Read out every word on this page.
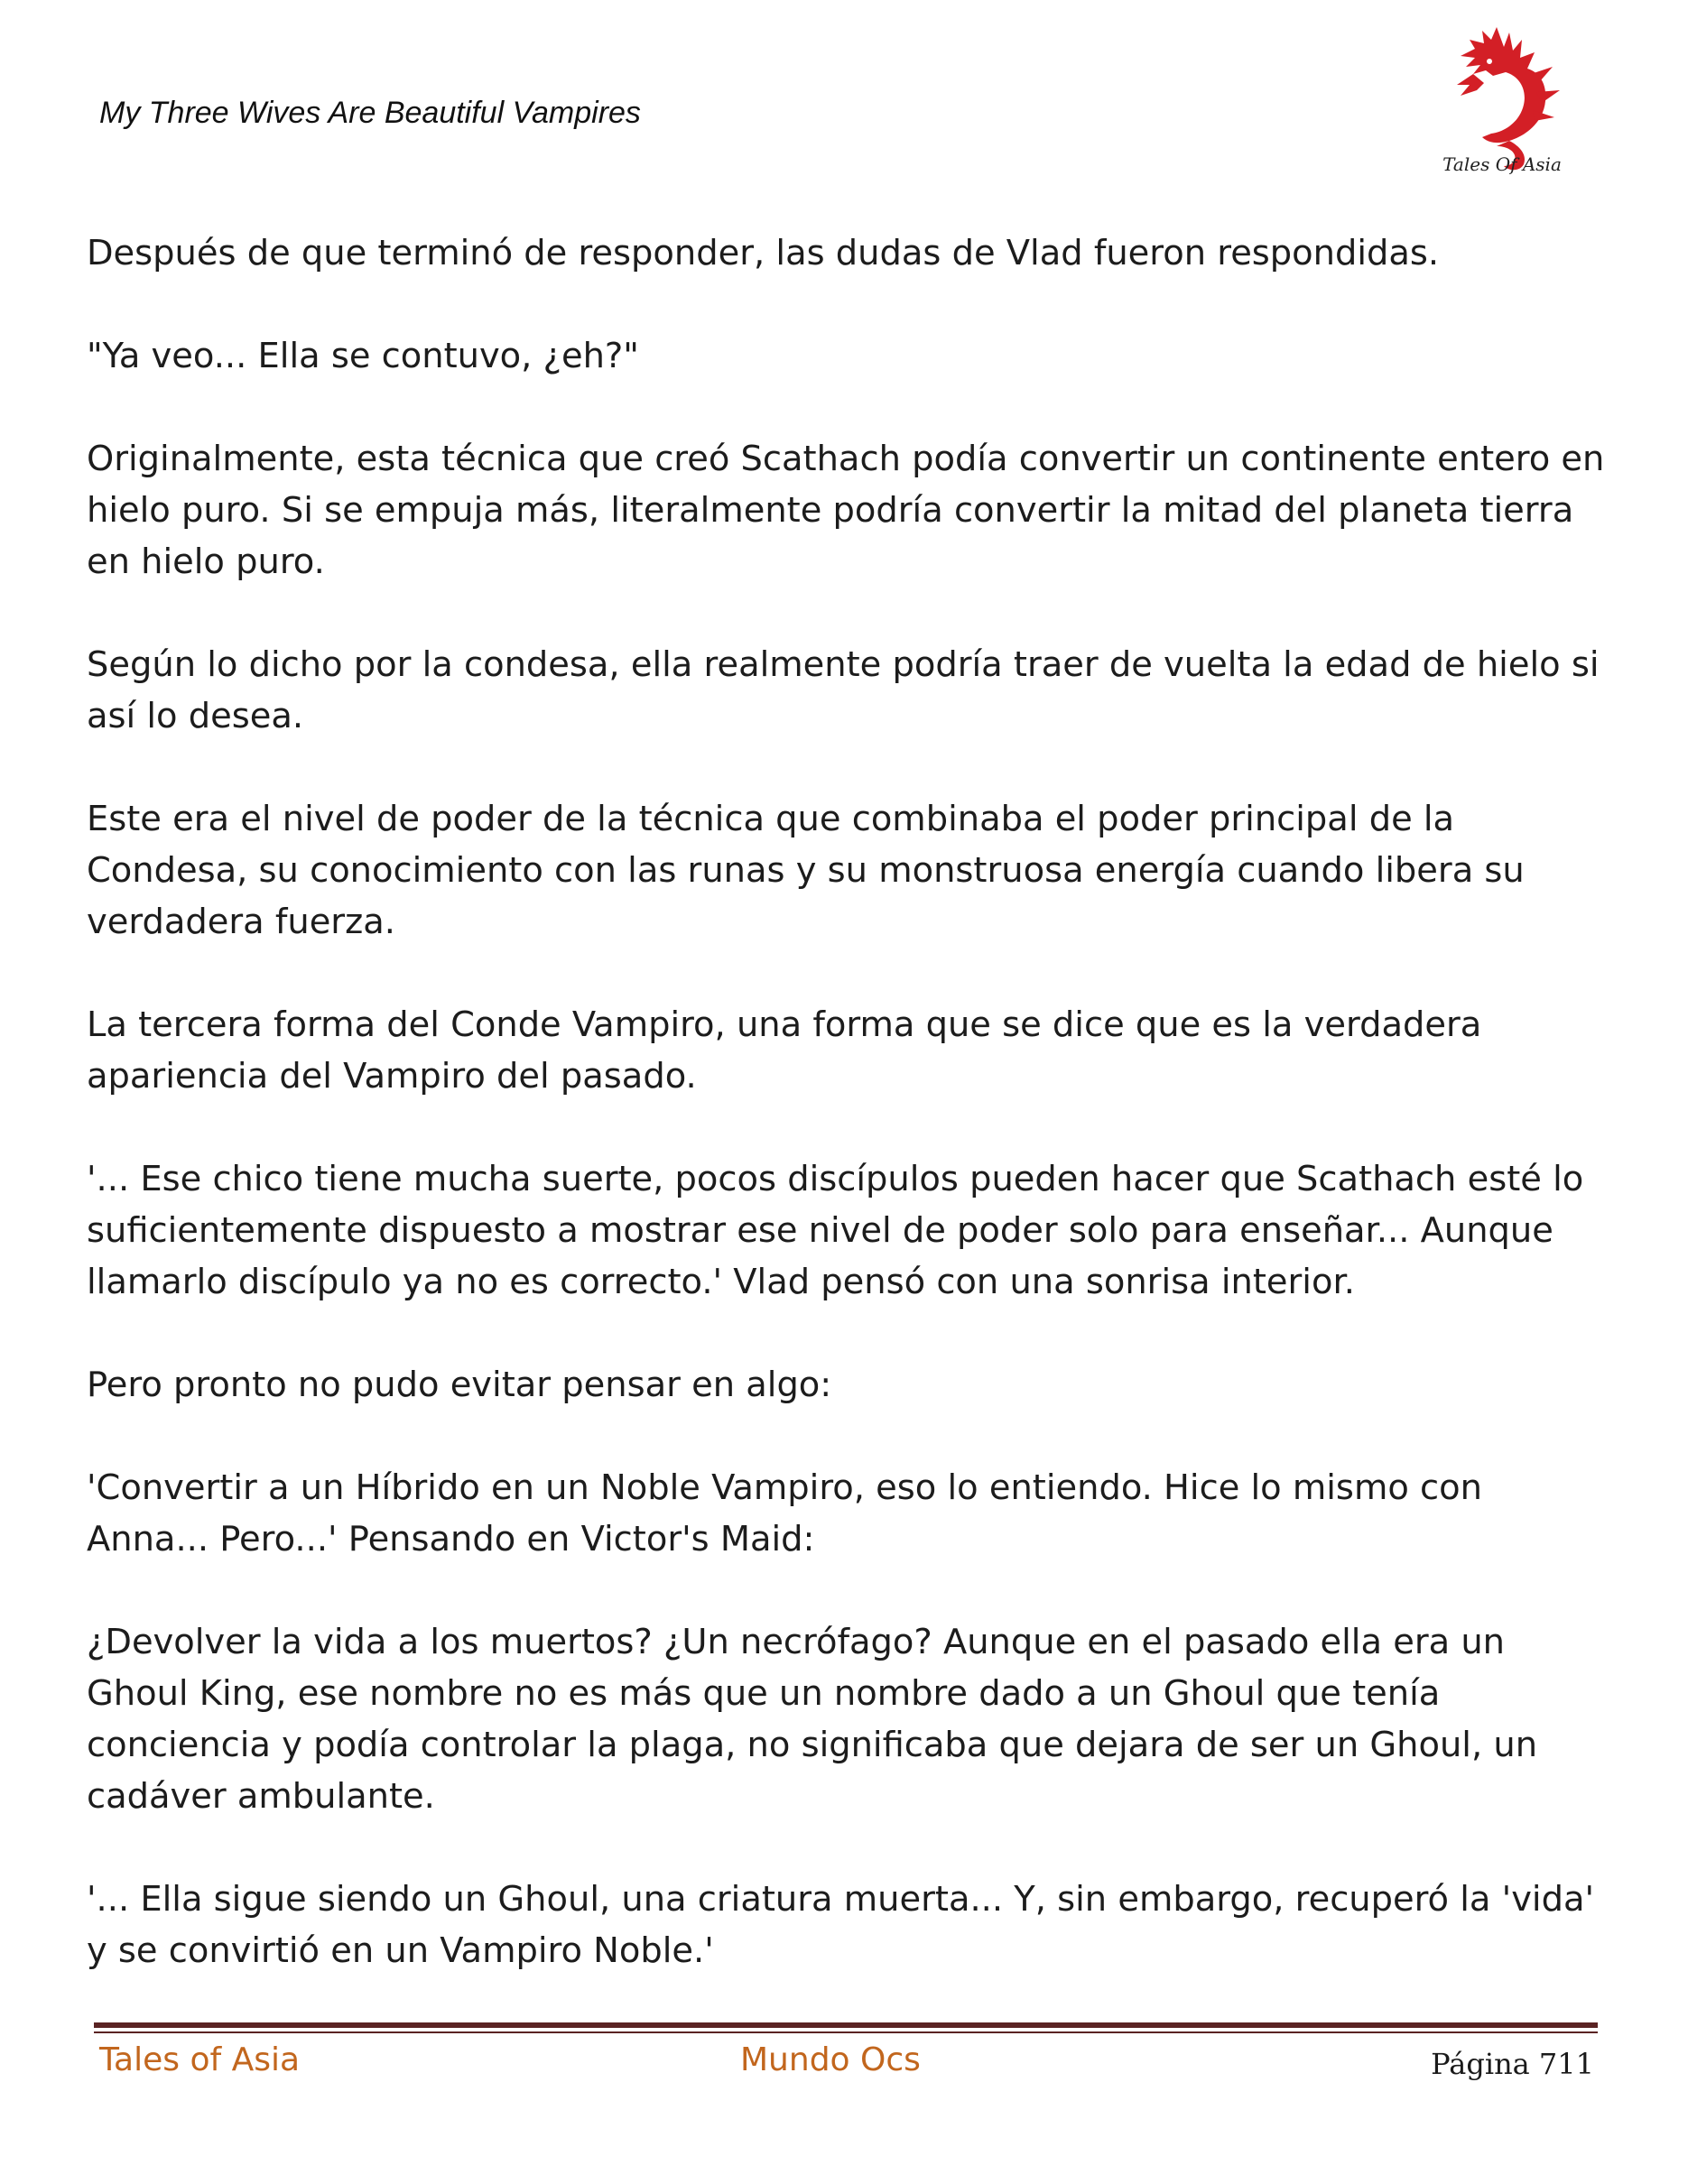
My Three Wives Are Beautiful Vampires
Tales Of Asia

Después de que terminó de responder, las dudas de Vlad fueron respondidas.

"Ya veo... Ella se contuvo, ¿eh?"

Originalmente, esta técnica que creó Scathach podía convertir un continente entero en hielo puro. Si se empuja más, literalmente podría convertir la mitad del planeta tierra en hielo puro.

Según lo dicho por la condesa, ella realmente podría traer de vuelta la edad de hielo si así lo desea.

Este era el nivel de poder de la técnica que combinaba el poder principal de la Condesa, su conocimiento con las runas y su monstruosa energía cuando libera su verdadera fuerza.

La tercera forma del Conde Vampiro, una forma que se dice que es la verdadera apariencia del Vampiro del pasado.

'... Ese chico tiene mucha suerte, pocos discípulos pueden hacer que Scathach esté lo suficientemente dispuesto a mostrar ese nivel de poder solo para enseñar... Aunque llamarlo discípulo ya no es correcto.' Vlad pensó con una sonrisa interior.

Pero pronto no pudo evitar pensar en algo:

'Convertir a un Híbrido en un Noble Vampiro, eso lo entiendo. Hice lo mismo con Anna... Pero...' Pensando en Victor's Maid:

¿Devolver la vida a los muertos? ¿Un necrófago? Aunque en el pasado ella era un Ghoul King, ese nombre no es más que un nombre dado a un Ghoul que tenía conciencia y podía controlar la plaga, no significaba que dejara de ser un Ghoul, un cadáver ambulante.

'... Ella sigue siendo un Ghoul, una criatura muerta... Y, sin embargo, recuperó la 'vida' y se convirtió en un Vampiro Noble.'

Tales of Asia	Mundo Ocs	Página 711
